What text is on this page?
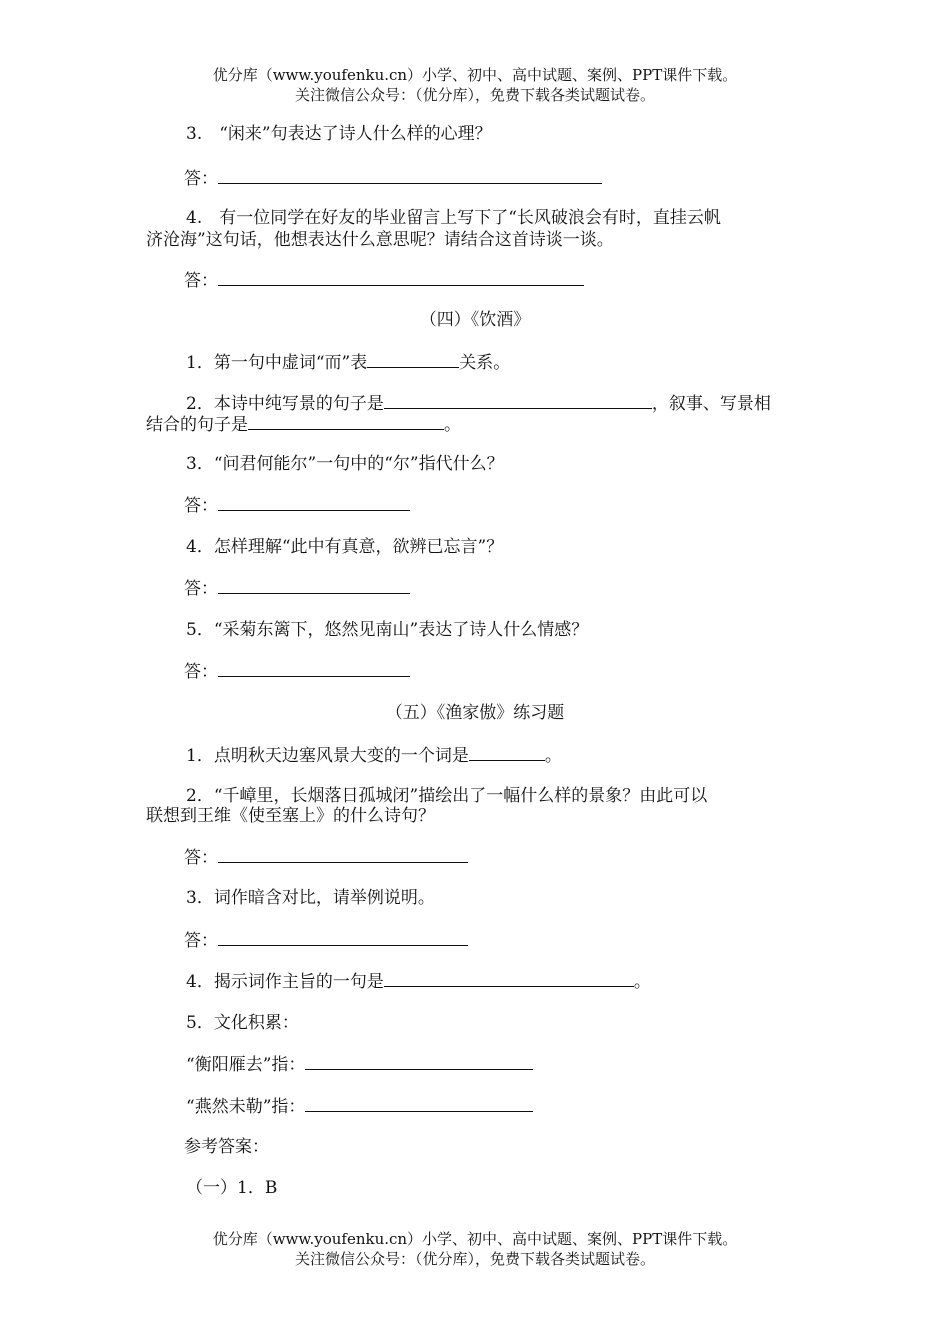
优分库（www.youfenku.cn）小学、初中、高中试题、案例、PPT课件下载。
关注微信公众号：（优分库），免费下载各类试题试卷。
3.　“闲来”句表达了诗人什么样的心理？
答：
4.　有一位同学在好友的毕业留言上写下了“长风破浪会有时，直挂云帆
济沧海”这句话，他想表达什么意思呢？请结合这首诗谈一谈。
答：
（四）《饮酒》
1．第一句中虚词“而”表	关系。
2．本诗中纯写景的句子是	，叙事、写景相
结合的句子是	。
3．“问君何能尔”一句中的“尔”指代什么？
答：
4．怎样理解“此中有真意，欲辨已忘言”？
答：
5．“采菊东篱下，悠然见南山”表达了诗人什么情感？
答：
（五）《渔家傲》练习题
1．点明秋天边塞风景大变的一个词是	。
2．“千嶂里，长烟落日孤城闭”描绘出了一幅什么样的景象？由此可以
联想到王维《使至塞上》的什么诗句？
答：
3．词作暗含对比，请举例说明。
答：
4．揭示词作主旨的一句是	。
5．文化积累：
“衡阳雁去”指：
“燕然未勒”指：
参考答案：
（一）1．B
优分库（www.youfenku.cn）小学、初中、高中试题、案例、PPT课件下载。
关注微信公众号：（优分库），免费下载各类试题试卷。
